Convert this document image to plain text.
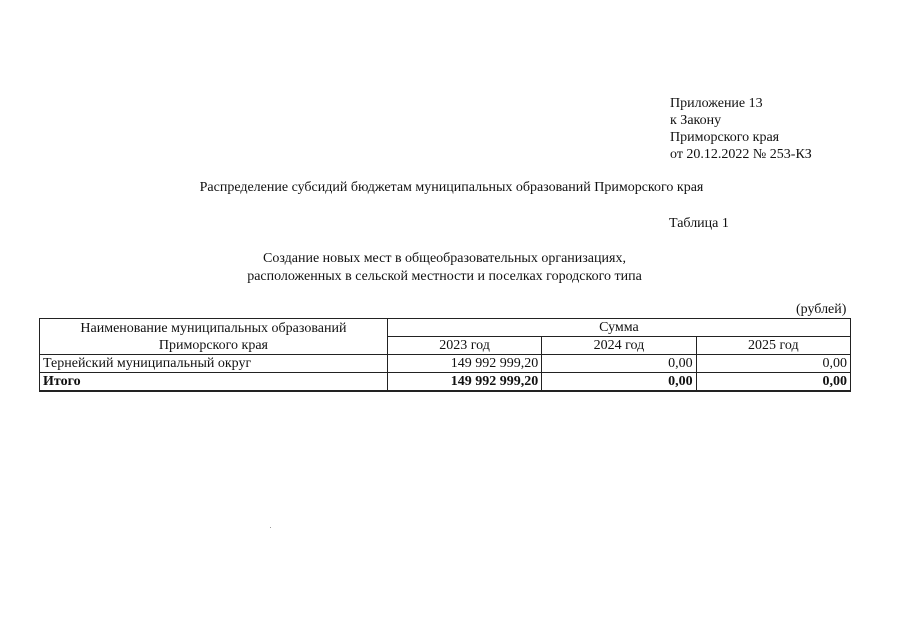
Приложение 13
к Закону
Приморского края
от 20.12.2022 № 253-КЗ
Распределение субсидий бюджетам муниципальных образований Приморского края
Таблица 1
Создание новых мест в общеобразовательных организациях,
расположенных в сельской местности и поселках городского типа
(рублей)
Наименование муниципальных образований
Приморского края	Сумма		
	2023 год	2024 год	2025 год
Тернейский муниципальный округ	149 992 999,20	0,00	0,00
Итого	149 992 999,20	0,00	0,00
